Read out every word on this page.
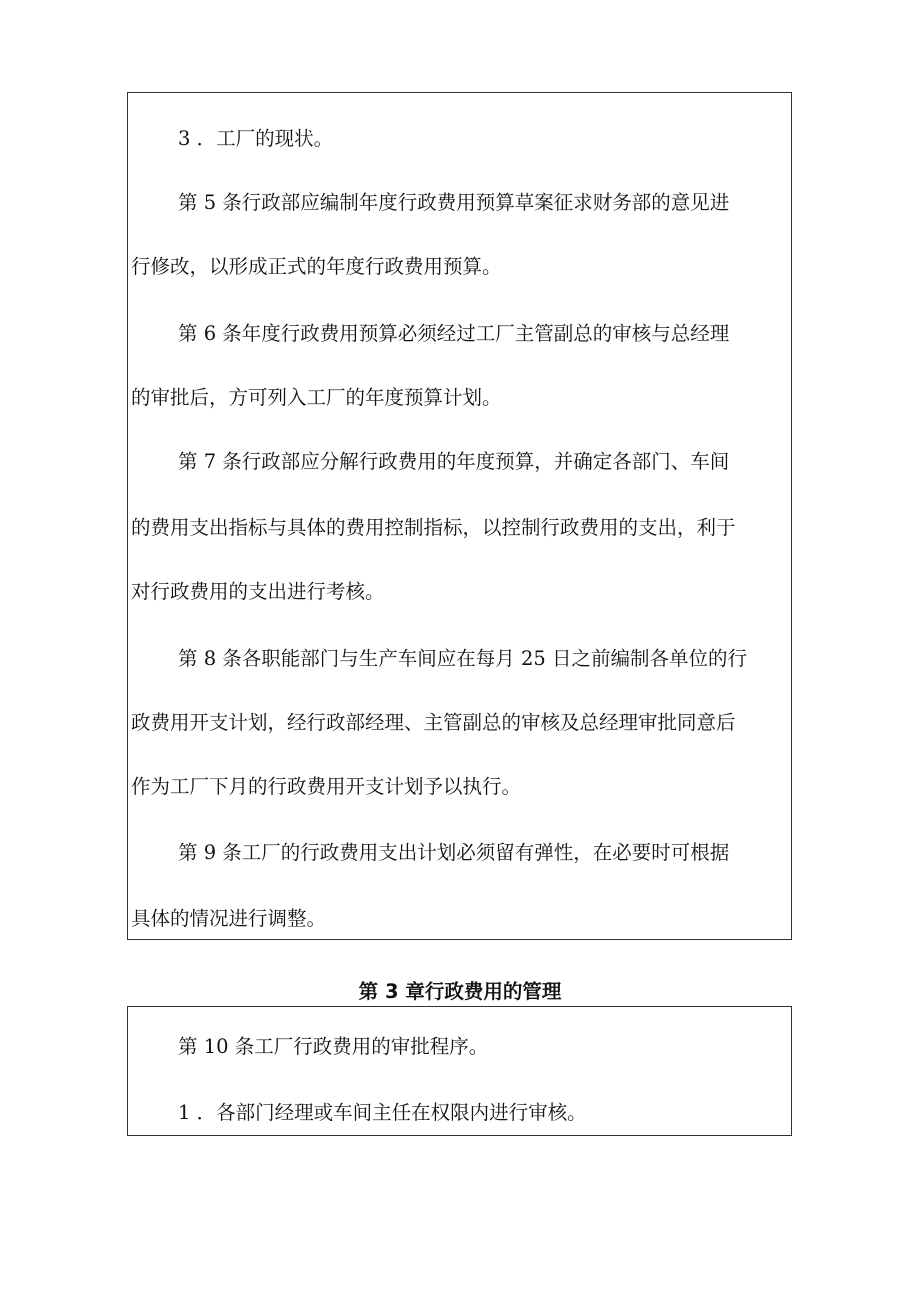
3 ．工厂的现状。

第 5 条行政部应编制年度行政费用预算草案征求财务部的意见进

行修改，以形成正式的年度行政费用预算。

第 6 条年度行政费用预算必须经过工厂主管副总的审核与总经理

的审批后，方可列入工厂的年度预算计划。

第 7 条行政部应分解行政费用的年度预算，并确定各部门、车间

的费用支出指标与具体的费用控制指标，以控制行政费用的支出，利于

对行政费用的支出进行考核。

第 8 条各职能部门与生产车间应在每月 25 日之前编制各单位的行

政费用开支计划，经行政部经理、主管副总的审核及总经理审批同意后

作为工厂下月的行政费用开支计划予以执行。

第 9 条工厂的行政费用支出计划必须留有弹性，在必要时可根据

具体的情况进行调整。

第 3 章行政费用的管理

第 10 条工厂行政费用的审批程序。

1 ．各部门经理或车间主任在权限内进行审核。
